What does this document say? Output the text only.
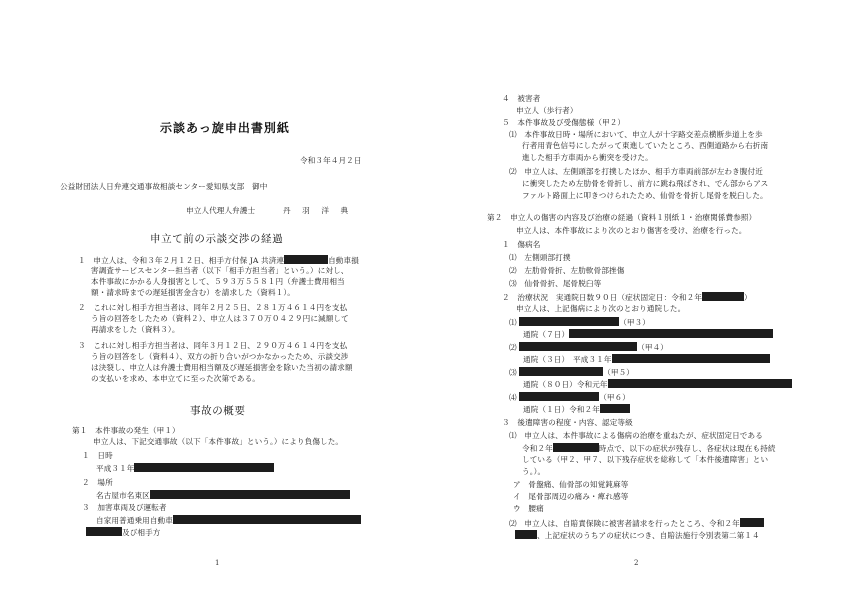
示談あっ旋申出書別紙
令和３年４月２日
公益財団法人日弁連交通事故相談センター愛知県支部　御中
申立人代理人弁護士	丹　羽　洋　典
申立て前の示談交渉の経過
１　申立人は、令和３年２月１２日、相手方付保 JA 共済連	自動車損
害調査サービスセンター担当者（以下「相手方担当者」という。）に対し、
本件事故にかかる人身損害として、５９３万５５８１円（弁護士費用相当
額・請求時までの遅延損害金含む）を請求した（資料１）。
２　これに対し相手方担当者は、同年２月２５日、２８１万４６１４円を支払
う旨の回答をしたため（資料２）、申立人は３７０万０４２９円に減額して
再請求をした（資料３）。
３　これに対し相手方担当者は、同年３月１２日、２９０万４６１４円を支払
う旨の回答をし（資料４）、双方の折り合いがつかなかったため、示談交渉
は決裂し、申立人は弁護士費用相当額及び遅延損害金を除いた当初の請求額
の支払いを求め、本申立てに至った次第である。
事故の概要
第１　本件事故の発生（甲１）
申立人は、下記交通事故（以下「本件事故」という。）により負傷した。
１　日時
平成３１年
２　場所
名古屋市名東区
３　加害車両及び運転者
自家用普通乗用自動車
及び相手方
1
４　被害者
申立人（歩行者）
５　本件事故及び受傷態様（甲２）
⑴　本件事故日時・場所において、申立人が十字路交差点横断歩道上を歩
行者用青色信号にしたがって東進していたところ、西側道路から右折南
進した相手方車両から衝突を受けた。
⑵　申立人は、左側頭部を打撲したほか、相手方車両前部が左わき腹付近
に衝突したため左肋骨を骨折し、前方に跳ね飛ばされ、でん部からアス
ファルト路面上に叩きつけられたため、仙骨を骨折し尾骨を脱臼した。
第２　申立人の傷害の内容及び治療の経過（資料１別紙１・治療関係費参照）
申立人は、本件事故により次のとおり傷害を受け、治療を行った。
１　傷病名
⑴　左側頭部打撲
⑵　左肋骨骨折、左肋軟骨部挫傷
⑶　仙骨骨折、尾骨脱臼等
２　治療状況　実通院日数９０日（症状固定日：令和２年	）
申立人は、上記傷病により次のとおり通院した。
⑴	（甲３）
通院（７日）
⑵	（甲４）
通院（３日）　平成３１年
⑶	（甲５）
通院（８０日）令和元年
⑷	（甲６）
通院（１日）令和２年
３　後遺障害の程度・内容、認定等級
⑴　申立人は、本件事故による傷病の治療を重ねたが、症状固定日である
令和２年	時点で、以下の症状が残存し、各症状は現在も持続
している（甲２、甲７、以下残存症状を総称して「本件後遺障害」とい
う。）。
ア　骨盤痛、仙骨部の知覚鈍麻等
イ　尾骨部周辺の痛み・痺れ感等
ウ　腰痛
⑵　申立人は、自賠責保険に被害者請求を行ったところ、令和２年
、上記症状のうちアの症状につき、自賠法施行令別表第二第１４
2
